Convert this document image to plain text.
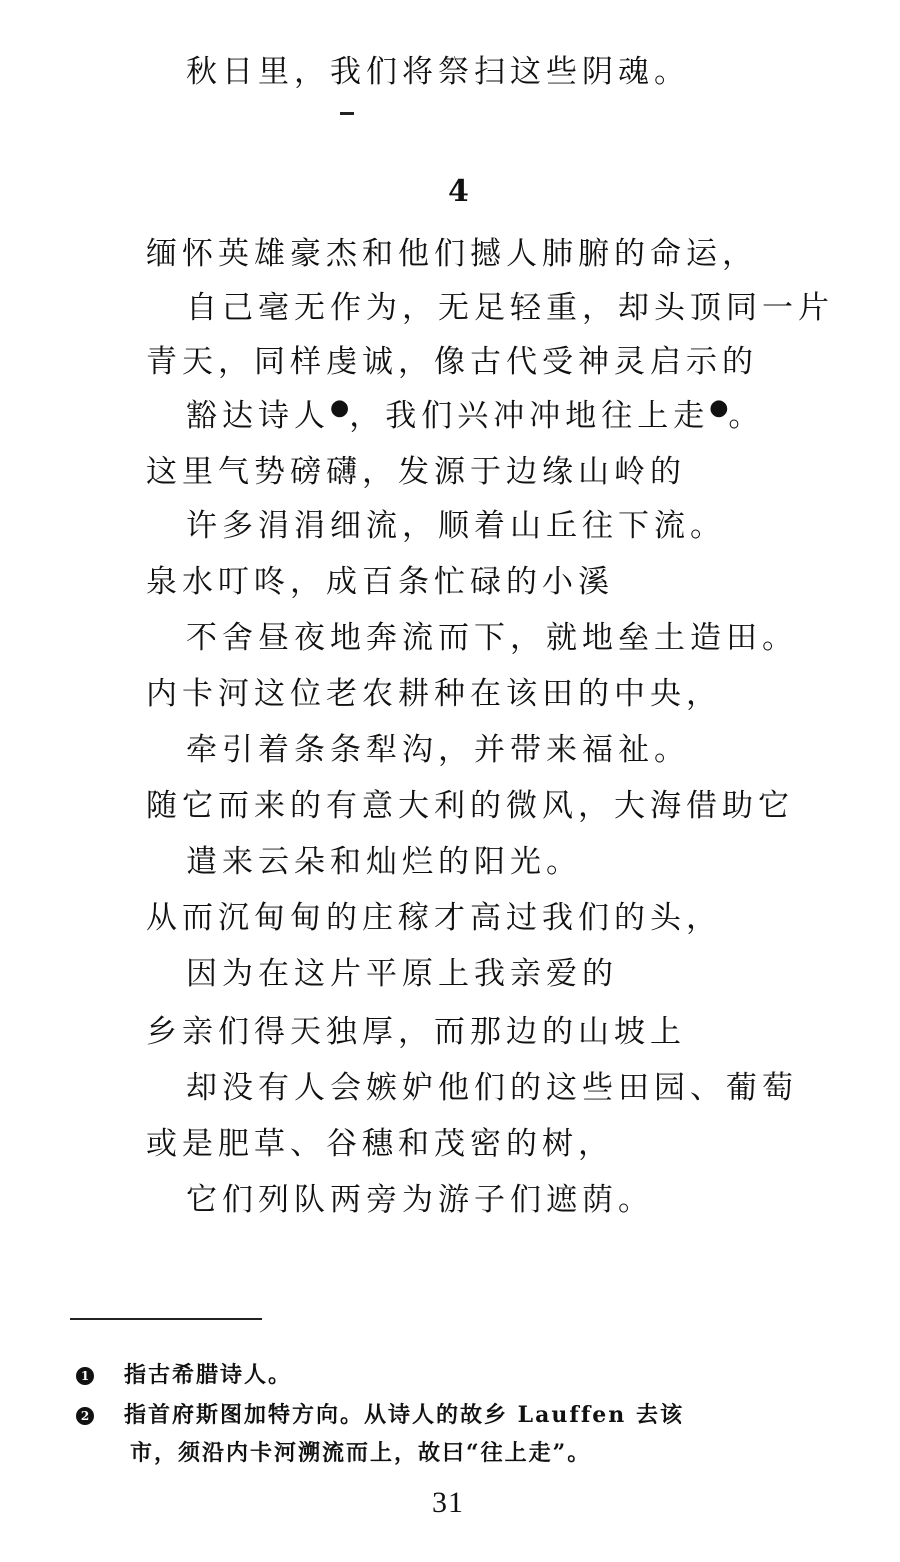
秋日里，我们将祭扫这些阴魂。
4
缅怀英雄豪杰和他们撼人肺腑的命运，
自己毫无作为，无足轻重，却头顶同一片
青天，同样虔诚，像古代受神灵启示的
豁达诗人●，我们兴冲冲地往上走●。
这里气势磅礴，发源于边缘山岭的
许多涓涓细流，顺着山丘往下流。
泉水叮咚，成百条忙碌的小溪
不舍昼夜地奔流而下，就地垒土造田。
内卡河这位老农耕种在该田的中央，
牵引着条条犁沟，并带来福祉。
随它而来的有意大利的微风，大海借助它
遣来云朵和灿烂的阳光。
从而沉甸甸的庄稼才高过我们的头，
因为在这片平原上我亲爱的
乡亲们得天独厚，而那边的山坡上
却没有人会嫉妒他们的这些田园、葡萄
或是肥草、谷穗和茂密的树，
它们列队两旁为游子们遮荫。
1 指古希腊诗人。
2 指首府斯图加特方向。从诗人的故乡 Lauffen 去该
市，须沿内卡河溯流而上，故曰“往上走”。
31
